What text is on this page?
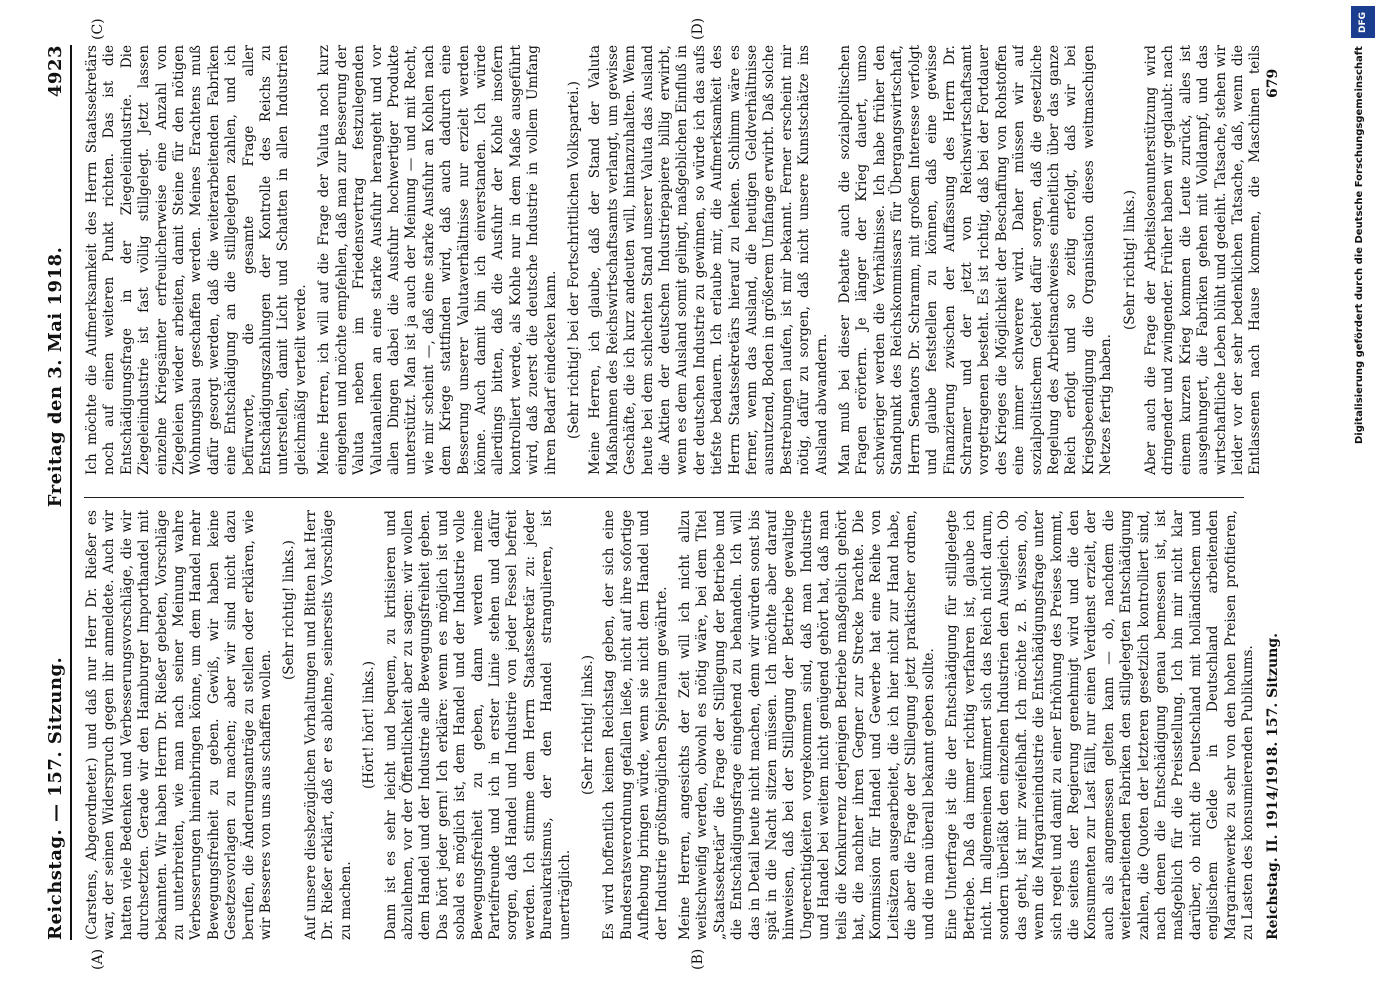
Reichstag. — 157. Sitzung.
Freitag den 3. Mai 1918.
4923
(A)	(B)
(C)	(D)

(Carstens, Abgeordneter.) und daß nur Herr Dr. Rießer es war, der seinen Widerspruch gegen ihr anmeldete. Auch wir hatten viele Bedenken und Verbesserungsvorschläge, die wir durchsetzten. Gerade wir den Hamburger Importhandel mit bekannten. Wir haben Herrn Dr. Rießer gebeten, Vorschläge zu unterbreiten, wie man nach seiner Meinung wahre Verbesserungen hineinbringen könne, um dem Handel mehr Bewegungsfreiheit zu geben. Gewiß, wir haben keine Gesetzesvorlagen zu machen; aber wir sind nicht dazu berufen, die Änderungsanträge zu stellen oder erklären, wie wir Besseres von uns aus schaffen wollen.

(Sehr richtig! links.) Auf unsere diesbezüglichen Vorhaltungen und Bitten hat Herr Dr. Rießer erklärt, daß er es ablehne, seinerseits Vorschläge zu machen.

(Hört! hört! links.) Dann ist es sehr leicht und bequem, zu kritisieren und abzulehnen, vor der Öffentlichkeit aber zu sagen: wir wollen dem Handel und der Industrie alle Bewegungsfreiheit geben. Das hört jeder gern! Ich erkläre: wenn es möglich ist und sobald es möglich ist, dem Handel und der Industrie volle Bewegungsfreiheit zu geben, dann werden meine Parteifreunde und ich in erster Linie stehen und dafür sorgen, daß Handel und Industrie von jeder Fessel befreit werden. Ich stimme dem Herrn Staatssekretär zu: jeder Bureaukratismus, der den Handel strangulieren, ist unerträglich.

(Sehr richtig! links.) Es wird hoffentlich keinen Reichstag geben, der sich eine Bundesratsverordnung gefallen ließe, nicht auf ihre sofortige Aufhebung bringen würde, wenn sie nicht dem Handel und der Industrie größtmöglichen Spielraum gewährte. Meine Herren, angesichts der Zeit will ich nicht allzu weitschweifig werden, obwohl es nötig wäre, bei dem Titel „Staatssekretär“ die Frage der Stillegung der Betriebe und die Entschädigungsfrage eingehend zu behandeln. Ich will das in Detail heute nicht machen, denn wir würden sonst bis spät in die Nacht sitzen müssen. Ich möchte aber darauf hinweisen, daß bei der Stillegung der Betriebe gewaltige Ungerechtigkeiten vorgekommen sind, daß man Industrie und Handel bei weitem nicht genügend gehört hat, daß man teils die Konkurrenz derjenigen Betriebe maßgeblich gehört hat, die nachher ihren Gegner zur Strecke brachte. Die Kommission für Handel und Gewerbe hat eine Reihe von Leitsätzen ausgearbeitet, die ich hier nicht zur Hand habe, die aber die Frage der Stillegung jetzt praktischer ordnen, und die man überall bekannt geben sollte. Eine Unterfrage ist die der Entschädigung für stillgelegte Betriebe. Daß da immer richtig verfahren ist, glaube ich nicht. Im allgemeinen kümmert sich das Reich nicht darum, sondern überläßt den einzelnen Industrien den Ausgleich. Ob das geht, ist mir zweifelhaft. Ich möchte z. B. wissen, ob, wenn die Margarineindustrie die Entschädigungsfrage unter sich regelt und damit zu einer Erhöhung des Preises kommt, die seitens der Regierung genehmigt wird und die den Konsumenten zur Last fällt, nur einen Verdienst erzielt, der auch als angemessen gelten kann — ob, nachdem die weiterarbeitenden Fabriken den stillgelegten Entschädigung zahlen, die Quoten der letzteren gesetzlich kontrolliert sind, nach denen die Entschädigung genau bemessen ist, ist maßgeblich für die Preisstellung. Ich bin mir nicht klar darüber, ob nicht die Deutschland mit holländischem und englischem Gelde in Deutschland arbeitenden Margarinewerke zu sehr von den hohen Preisen profitieren, zu Lasten des konsumierenden Publikums.

Ich möchte die Aufmerksamkeit des Herrn Staatssekretärs noch auf einen weiteren Punkt richten. Das ist die Entschädigungsfrage in der Ziegeleiindustrie. Die Ziegeleiindustrie ist fast völlig stillgelegt. Jetzt lassen einzelne Kriegsämter erfreulicherweise eine Anzahl von Ziegeleien wieder arbeiten, damit Steine für den nötigen Wohnungsbau geschaffen werden. Meines Erachtens muß dafür gesorgt werden, daß die weiterarbeitenden Fabriken eine Entschädigung an die stillgelegten zahlen, und ich befürworte, die gesamte Frage aller Entschädigungszahlungen der Kontrolle des Reichs zu unterstellen, damit Licht und Schatten in allen Industrien gleichmäßig verteilt werde. Meine Herren, ich will auf die Frage der Valuta noch kurz eingehen und möchte empfehlen, daß man zur Besserung der Valuta neben im Friedensvertrag festzulegenden Valutaanleihen an eine starke Ausfuhr herangeht und vor allen Dingen dabei die Ausfuhr hochwertiger Produkte unterstützt. Man ist ja auch der Meinung — und mit Recht, wie mir scheint —, daß eine starke Ausfuhr an Kohlen nach dem Kriege stattfinden wird, daß auch dadurch eine Besserung unserer Valutaverhältnisse nur erzielt werden könne. Auch damit bin ich einverstanden. Ich würde allerdings bitten, daß die Ausfuhr der Kohle insofern kontrolliert werde, als Kohle nur in dem Maße ausgeführt wird, daß zuerst die deutsche Industrie in vollem Umfang ihren Bedarf eindecken kann. (Sehr richtig! bei der Fortschrittlichen Volkspartei.) Meine Herren, ich glaube, daß der Stand der Valuta Maßnahmen des Reichswirtschaftsamts verlangt, um gewisse Geschäfte, die ich kurz andeuten will, hintanzuhalten. Wenn heute bei dem schlechten Stand unserer Valuta das Ausland die Aktien der deutschen Industriepapiere billig erwirbt, wenn es dem Ausland somit gelingt, maßgeblichen Einfluß in der deutschen Industrie zu gewinnen, so würde ich das aufs tiefste bedauern. Ich erlaube mir, die Aufmerksamkeit des Herrn Staatssekretärs hierauf zu lenken. Schlimm wäre es ferner, wenn das Ausland, die heutigen Geldverhältnisse ausnutzend, Boden in größerem Umfange erwirbt. Daß solche Bestrebungen laufen, ist mir bekannt. Ferner erscheint mir nötig, dafür zu sorgen, daß nicht unsere Kunstschätze ins Ausland abwandern. Man muß bei dieser Debatte auch die sozialpolitischen Fragen erörtern. Je länger der Krieg dauert, umso schwieriger werden die Verhältnisse. Ich habe früher den Standpunkt des Reichskommissars für Übergangswirtschaft, Herrn Senators Dr. Schramm, mit großem Interesse verfolgt und glaube feststellen zu können, daß eine gewisse Finanzierung zwischen der Auffassung des Herrn Dr. Schramer und der jetzt von Reichswirtschaftsamt vorgetragenen besteht. Es ist richtig, daß bei der Fortdauer des Krieges die Möglichkeit der Beschaffung von Rohstoffen eine immer schwerere wird. Daher müssen wir auf sozialpolitischem Gebiet dafür sorgen, daß die gesetzliche Regelung des Arbeitsnachweises einheitlich über das ganze Reich erfolgt und so zeitig erfolgt, daß wir bei Kriegsbeendigung die Organisation dieses weitmaschigen Netzes fertig haben.

(Sehr richtig! links.)

Aber auch die Frage der Arbeitslosenunterstützung wird dringender und zwingender. Früher haben wir geglaubt: nach einem kurzen Krieg kommen die Leute zurück, alles ist ausgehungert, die Fabriken gehen mit Volldampf, und das wirtschaftliche Leben blüht und gedeiht. Tatsache, stehen wir leider vor der sehr bedenklichen Tatsache, daß, wenn die Entlassenen nach Hause kommen, die Maschinen teils

Reichstag. II. 1914/1918. 157. Sitzung.
679
DFG
Digitalisierung gefördert durch die Deutsche Forschungsgemeinschaft
